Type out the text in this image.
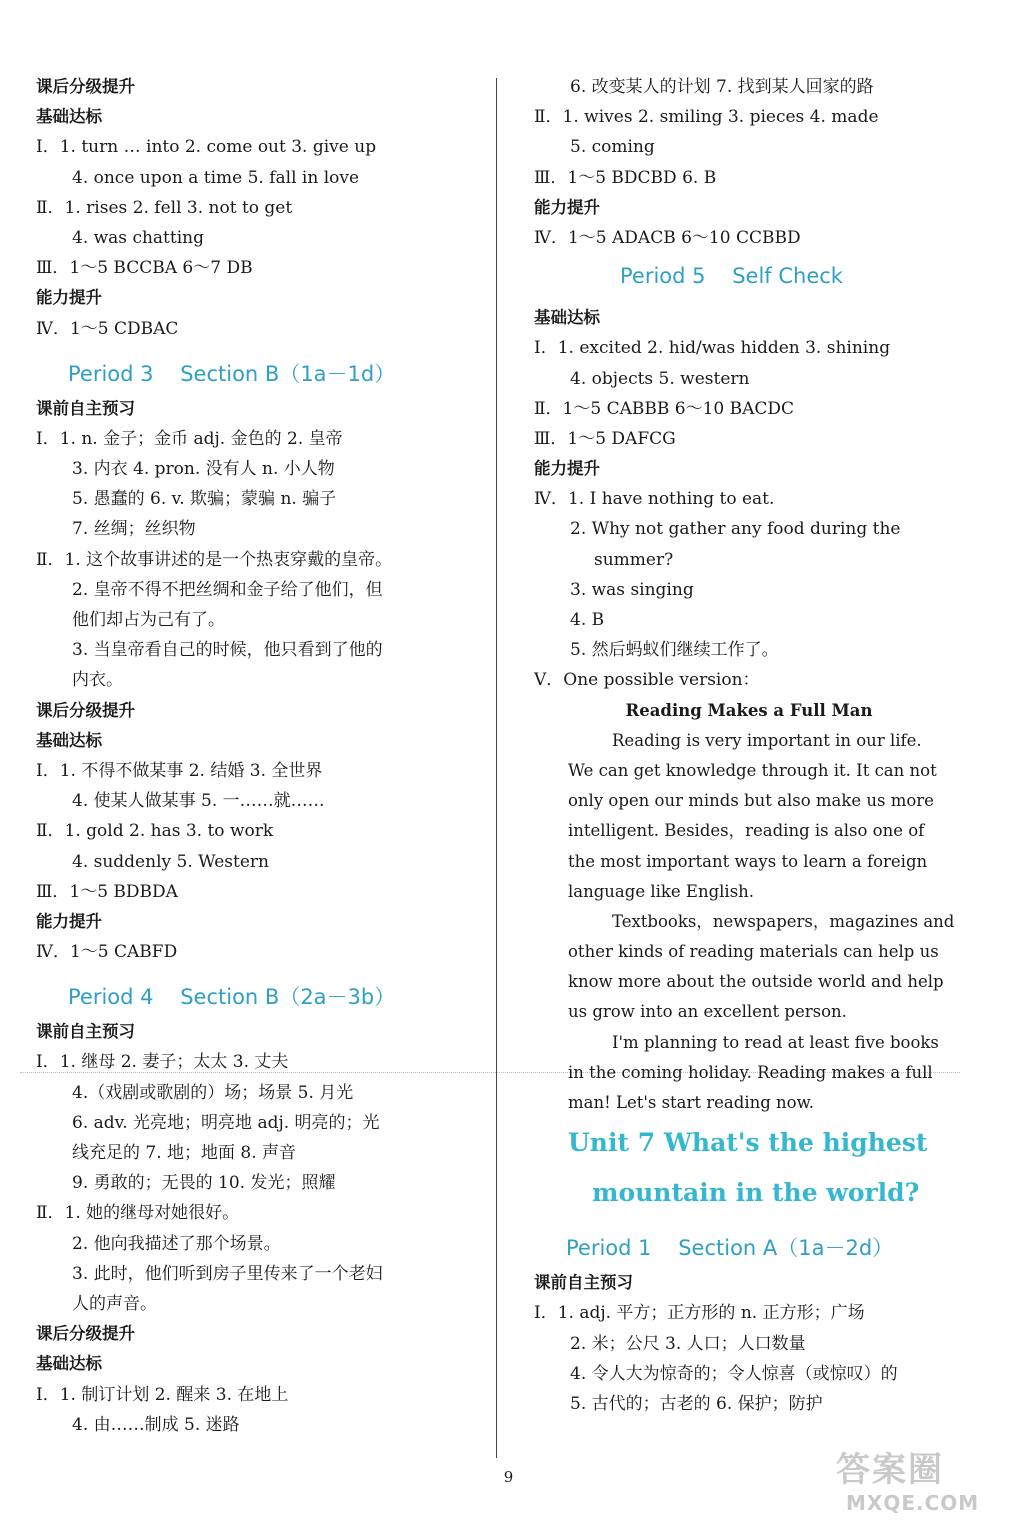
课后分级提升
基础达标
Ⅰ．1. turn … into 2. come out 3. give up
4. once upon a time 5. fall in love
Ⅱ．1. rises 2. fell 3. not to get
4. was chatting
Ⅲ．1～5 BCCBA 6～7 DB
能力提升
Ⅳ．1～5 CDBAC
Period 3    Section B（1a－1d）
课前自主预习
Ⅰ．1. n. 金子；金币 adj. 金色的 2. 皇帝
3. 内衣 4. pron. 没有人 n. 小人物
5. 愚蠢的 6. v. 欺骗；蒙骗 n. 骗子
7. 丝绸；丝织物
Ⅱ．1. 这个故事讲述的是一个热衷穿戴的皇帝。
2. 皇帝不得不把丝绸和金子给了他们，但
他们却占为己有了。
3. 当皇帝看自己的时候，他只看到了他的
内衣。
课后分级提升
基础达标
Ⅰ．1. 不得不做某事 2. 结婚 3. 全世界
4. 使某人做某事 5. 一……就……
Ⅱ．1. gold 2. has 3. to work
4. suddenly 5. Western
Ⅲ．1～5 BDBDA
能力提升
Ⅳ．1～5 CABFD
Period 4    Section B（2a－3b）
课前自主预习
Ⅰ．1. 继母 2. 妻子；太太 3. 丈夫
4.（戏剧或歌剧的）场；场景 5. 月光
6. adv. 光亮地；明亮地 adj. 明亮的；光
线充足的 7. 地；地面 8. 声音
9. 勇敢的；无畏的 10. 发光；照耀
Ⅱ．1. 她的继母对她很好。
2. 他向我描述了那个场景。
3. 此时，他们听到房子里传来了一个老妇
人的声音。
课后分级提升
基础达标
Ⅰ．1. 制订计划 2. 醒来 3. 在地上
4. 由……制成 5. 迷路
6. 改变某人的计划 7. 找到某人回家的路
Ⅱ．1. wives 2. smiling 3. pieces 4. made
5. coming
Ⅲ．1～5 BDCBD 6. B
能力提升
Ⅳ．1～5 ADACB 6～10 CCBBD
Period 5    Self Check
基础达标
Ⅰ．1. excited 2. hid/was hidden 3. shining
4. objects 5. western
Ⅱ．1～5 CABBB 6～10 BACDC
Ⅲ．1～5 DAFCG
能力提升
Ⅳ．1. I have nothing to eat.
2. Why not gather any food during the
summer?
3. was singing
4. B
5. 然后蚂蚁们继续工作了。
Ⅴ．One possible version：
Reading Makes a Full Man
Reading is very important in our life.
We can get knowledge through it. It can not
only open our minds but also make us more
intelligent. Besides，reading is also one of
the most important ways to learn a foreign
language like English.
Textbooks，newspapers，magazines and
other kinds of reading materials can help us
know more about the outside world and help
us grow into an excellent person.
I'm planning to read at least five books
in the coming holiday. Reading makes a full
man! Let's start reading now.
Unit 7 What's the highest
mountain in the world?
Period 1    Section A（1a－2d）
课前自主预习
Ⅰ．1. adj. 平方；正方形的 n. 正方形；广场
2. 米；公尺 3. 人口；人口数量
4. 令人大为惊奇的；令人惊喜（或惊叹）的
5. 古代的；古老的 6. 保护；防护
9	答案圈
MXQE.COM
